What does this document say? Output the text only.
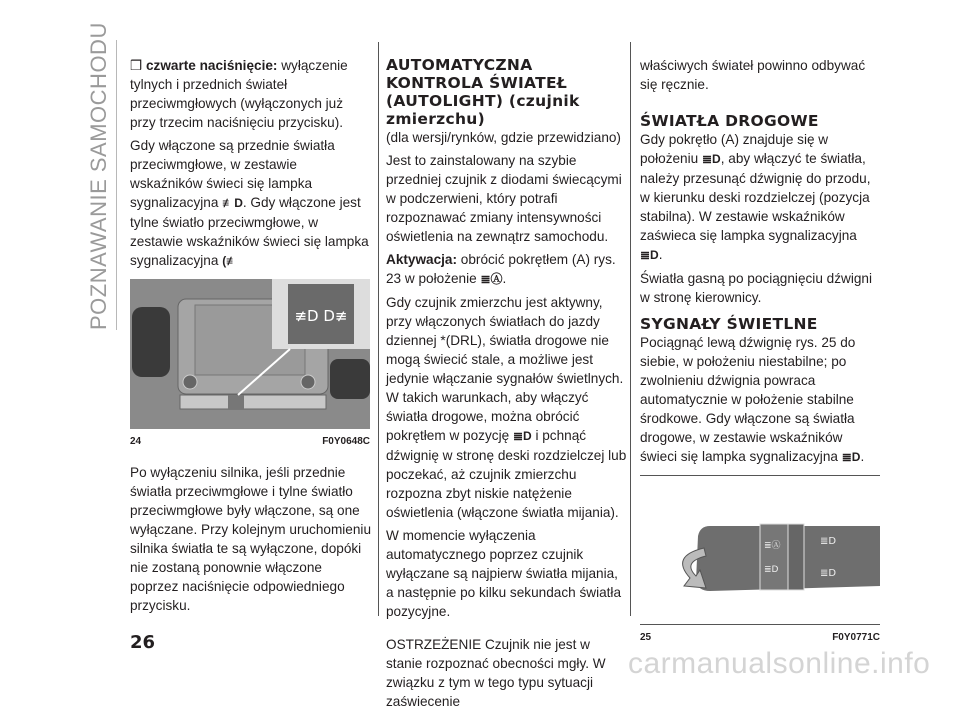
POZNAWANIE SAMOCHODU ❒ czwarte naciśnięcie: wyłączenie tylnych i przednich świateł przeciwmgłowych (wyłączonych już przy trzecim naciśnięciu przycisku).

Gdy włączone są przednie światła przeciwmgłowe, w zestawie wskaźników świeci się lampka sygnalizacyjna ≢D. Gdy włączone jest tylne światło przeciwmgłowe, w zestawie wskaźników świeci się lampka sygnalizacyjna (≢

≢D D≢
24	F0Y0648C

Po wyłączeniu silnika, jeśli przednie światła przeciwmgłowe i tylne światło przeciwmgłowe były włączone, są one wyłączane. Przy kolejnym uruchomieniu silnika światła te są wyłączone, dopóki nie zostaną ponownie włączone poprzez naciśnięcie odpowiedniego przycisku.

AUTOMATYCZNA KONTROLA ŚWIATEŁ (AUTOLIGHT) (czujnik zmierzchu)

(dla wersji/rynków, gdzie przewidziano)

Jest to zainstalowany na szybie przedniej czujnik z diodami świecącymi w podczerwieni, który potrafi rozpoznawać zmiany intensywności oświetlenia na zewnątrz samochodu.

Aktywacja: obrócić pokrętłem (A) rys. 23 w położenie ≣Ⓐ.

Gdy czujnik zmierzchu jest aktywny, przy włączonych światłach do jazdy dziennej *(DRL), światła drogowe nie mogą świecić stale, a możliwe jest jedynie włączanie sygnałów świetlnych. W takich warunkach, aby włączyć światła drogowe, można obrócić pokrętłem w pozycję ≣D i pchnąć dźwignię w stronę deski rozdzielczej lub poczekać, aż czujnik zmierzchu rozpozna zbyt niskie natężenie oświetlenia (włączone światła mijania).

W momencie wyłączenia automatycznego poprzez czujnik wyłączane są najpierw światła mijania, a następnie po kilku sekundach światła pozycyjne.

OSTRZEŻENIE Czujnik nie jest w stanie rozpoznać obecności mgły. W związku z tym w tego typu sytuacji zaświecenie

właściwych świateł powinno odbywać się ręcznie.

ŚWIATŁA DROGOWE

Gdy pokrętło (A) znajduje się w położeniu ≣D, aby włączyć te światła, należy przesunąć dźwignię do przodu, w kierunku deski rozdzielczej (pozycja stabilna). W zestawie wskaźników zaświeca się lampka sygnalizacyjna ≣D.

Światła gasną po pociągnięciu dźwigni w stronę kierownicy.

SYGNAŁY ŚWIETLNE

Pociągnąć lewą dźwignię rys. 25 do siebie, w położeniu niestabilne; po zwolnieniu dźwignia powraca automatycznie w położenie stabilne środkowe. Gdy włączone są światła drogowe, w zestawie wskaźników świeci się lampka sygnalizacyjna ≣D.

≣Ⓐ
≣D
≣D
≣D
25	F0Y0771C
26
carmanualsonline.info
